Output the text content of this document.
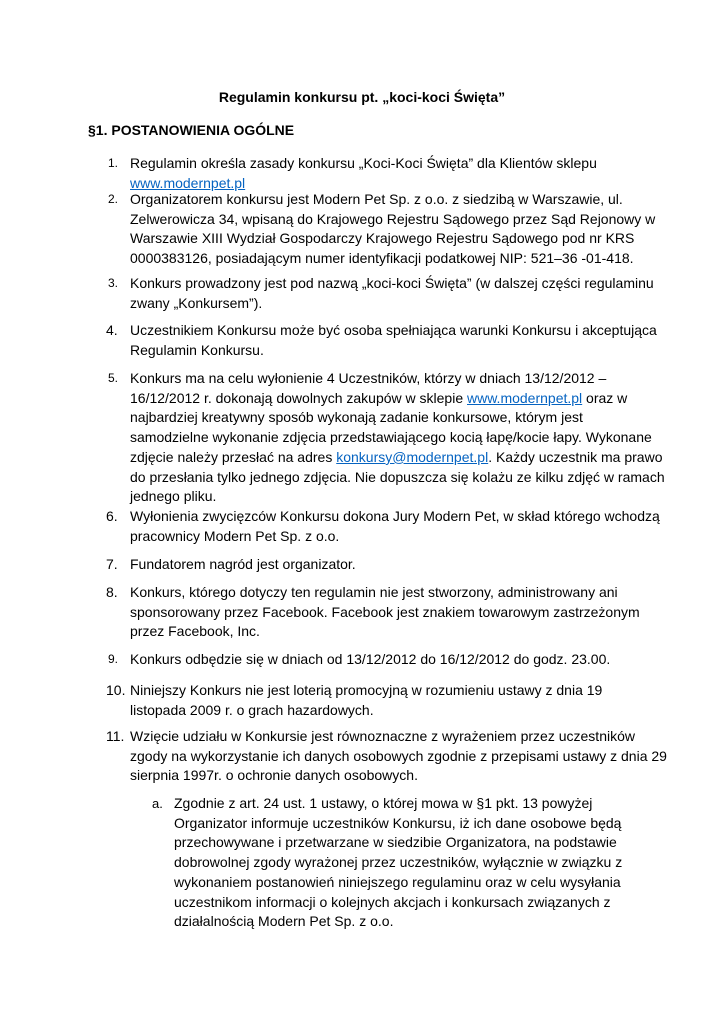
Regulamin konkursu pt. „koci-koci Święta”
§1. POSTANOWIENIA OGÓLNE
1. Regulamin określa zasady konkursu „Koci-Koci Święta” dla Klientów sklepu
www.modernpet.pl
2. Organizatorem konkursu jest Modern Pet Sp. z o.o. z siedzibą w Warszawie, ul.
Zelwerowicza 34, wpisaną do Krajowego Rejestru Sądowego przez Sąd Rejonowy w
Warszawie XIII Wydział Gospodarczy Krajowego Rejestru Sądowego pod nr KRS
0000383126, posiadającym numer identyfikacji podatkowej NIP: 521–36 -01-418.
3. Konkurs prowadzony jest pod nazwą „koci-koci Święta” (w dalszej części regulaminu
zwany „Konkursem”).
4. Uczestnikiem Konkursu może być osoba spełniająca warunki Konkursu i akceptująca
Regulamin Konkursu.
5. Konkurs ma na celu wyłonienie 4 Uczestników, którzy w dniach 13/12/2012 –
16/12/2012 r. dokonają dowolnych zakupów w sklepie www.modernpet.pl oraz w
najbardziej kreatywny sposób wykonają zadanie konkursowe, którym jest
samodzielne wykonanie zdjęcia przedstawiającego kocią łapę/kocie łapy. Wykonane
zdjęcie należy przesłać na adres konkursy@modernpet.pl. Każdy uczestnik ma prawo
do przesłania tylko jednego zdjęcia. Nie dopuszcza się kolażu ze kilku zdjęć w ramach
jednego pliku.
6. Wyłonienia zwycięzców Konkursu dokona Jury Modern Pet, w skład którego wchodzą
pracownicy Modern Pet Sp. z o.o.
7. Fundatorem nagród jest organizator.
8. Konkurs, którego dotyczy ten regulamin nie jest stworzony, administrowany ani
sponsorowany przez Facebook. Facebook jest znakiem towarowym zastrzeżonym
przez Facebook, Inc.
9. Konkurs odbędzie się w dniach od 13/12/2012 do 16/12/2012 do godz. 23.00.
10. Niniejszy Konkurs nie jest loterią promocyjną w rozumieniu ustawy z dnia 19
listopada 2009 r. o grach hazardowych.
11. Wzięcie udziału w Konkursie jest równoznaczne z wyrażeniem przez uczestników
zgody na wykorzystanie ich danych osobowych zgodnie z przepisami ustawy z dnia 29
sierpnia 1997r. o ochronie danych osobowych.
a. Zgodnie z art. 24 ust. 1 ustawy, o której mowa w §1 pkt. 13 powyżej
Organizator informuje uczestników Konkursu, iż ich dane osobowe będą
przechowywane i przetwarzane w siedzibie Organizatora, na podstawie
dobrowolnej zgody wyrażonej przez uczestników, wyłącznie w związku z
wykonaniem postanowień niniejszego regulaminu oraz w celu wysyłania
uczestnikom informacji o kolejnych akcjach i konkursach związanych z
działalnością Modern Pet Sp. z o.o.
